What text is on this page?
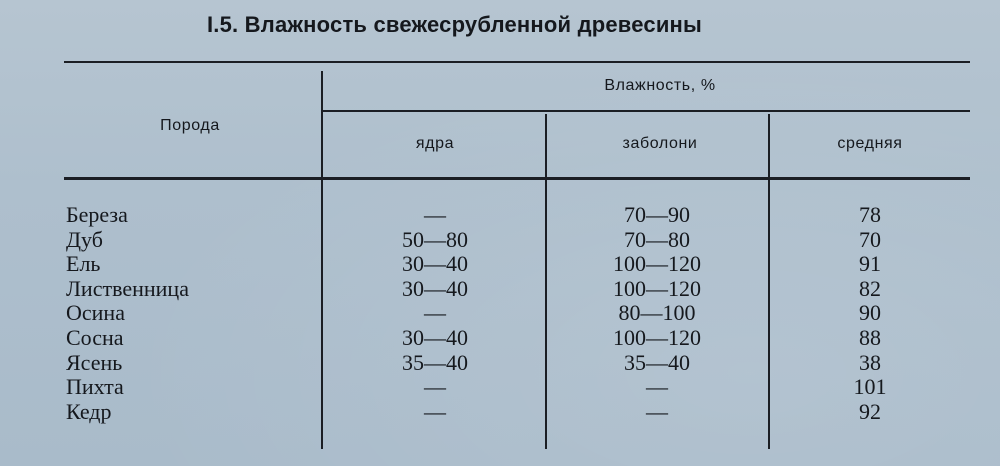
I.5. Влажность свежесрубленной древесины
Порода
Влажность, %
ядра	заболони	средняя
Береза
Дуб
Ель
Лиственница
Осина
Сосна
Ясень
Пихта
Кедр
—
50—80
30—40
30—40
—
30—40
35—40
—
—
70—90
70—80
100—120
100—120
80—100
100—120
35—40
—
—
78
70
91
82
90
88
38
101
92
